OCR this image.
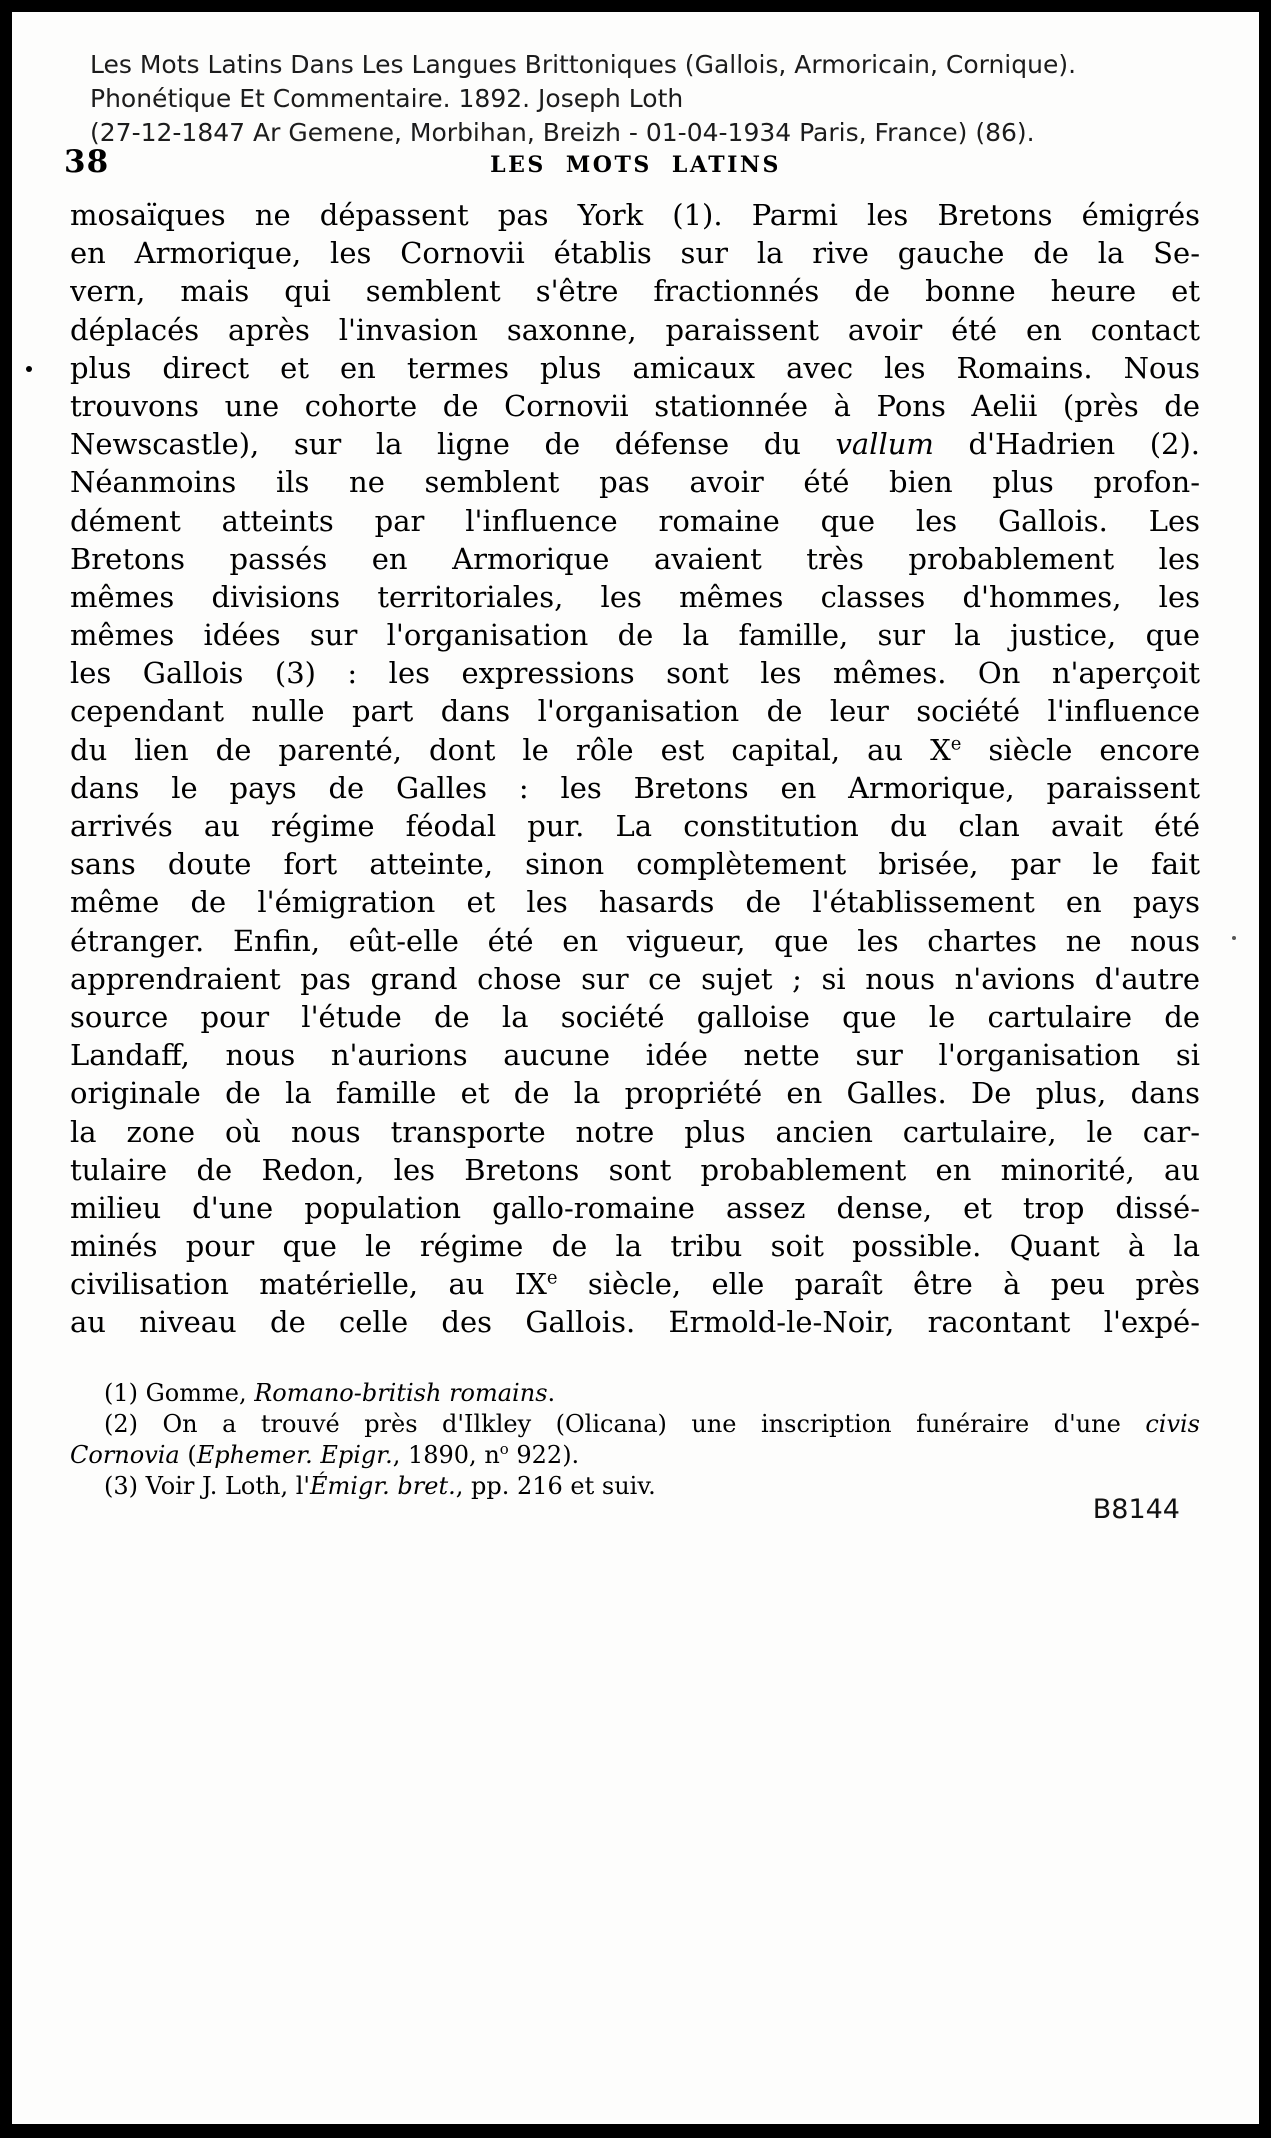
Les Mots Latins Dans Les Langues Brittoniques (Gallois, Armoricain, Cornique).
Phonétique Et Commentaire. 1892. Joseph Loth
(27-12-1847 Ar Gemene, Morbihan, Breizh - 01-04-1934 Paris, France) (86).
38	LES MOTS LATINS
mosaïques ne dépassent pas York (1). Parmi les Bretons émigrés
en Armorique, les Cornovii établis sur la rive gauche de la Se-
vern, mais qui semblent s'être fractionnés de bonne heure et
déplacés après l'invasion saxonne, paraissent avoir été en contact
plus direct et en termes plus amicaux avec les Romains. Nous
trouvons une cohorte de Cornovii stationnée à Pons Aelii (près de
Newscastle), sur la ligne de défense du vallum d'Hadrien (2).
Néanmoins ils ne semblent pas avoir été bien plus profon-
dément atteints par l'influence romaine que les Gallois. Les
Bretons passés en Armorique avaient très probablement les
mêmes divisions territoriales, les mêmes classes d'hommes, les
mêmes idées sur l'organisation de la famille, sur la justice, que
les Gallois (3) : les expressions sont les mêmes. On n'aperçoit
cependant nulle part dans l'organisation de leur société l'influence
du lien de parenté, dont le rôle est capital, au Xe siècle encore
dans le pays de Galles : les Bretons en Armorique, paraissent
arrivés au régime féodal pur. La constitution du clan avait été
sans doute fort atteinte, sinon complètement brisée, par le fait
même de l'émigration et les hasards de l'établissement en pays
étranger. Enfin, eût-elle été en vigueur, que les chartes ne nous
apprendraient pas grand chose sur ce sujet ; si nous n'avions d'autre
source pour l'étude de la société galloise que le cartulaire de
Landaff, nous n'aurions aucune idée nette sur l'organisation si
originale de la famille et de la propriété en Galles. De plus, dans
la zone où nous transporte notre plus ancien cartulaire, le car-
tulaire de Redon, les Bretons sont probablement en minorité, au
milieu d'une population gallo-romaine assez dense, et trop dissé-
minés pour que le régime de la tribu soit possible. Quant à la
civilisation matérielle, au IXe siècle, elle paraît être à peu près
au niveau de celle des Gallois. Ermold-le-Noir, racontant l'expé-
(1) Gomme, Romano-british romains.
(2) On a trouvé près d'Ilkley (Olicana) une inscription funéraire d'une civis
Cornovia (Ephemer. Epigr., 1890, $n^o$ 922).
(3) Voir J. Loth, l'Émigr. bret., pp. 216 et suiv.
B8144
